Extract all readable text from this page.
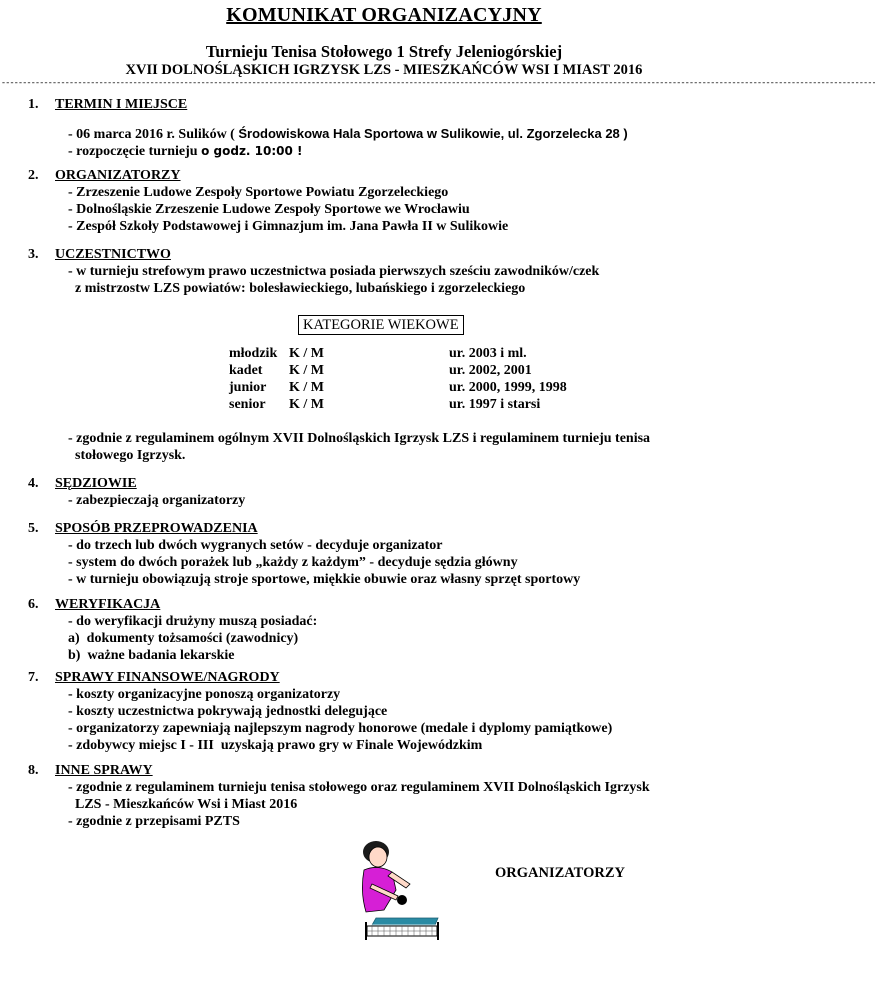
KOMUNIKAT ORGANIZACYJNY
Turnieju Tenisa Stołowego 1 Strefy Jeleniogórskiej
XVII DOLNOŚLĄSKICH IGRZYSK LZS - MIESZKAŃCÓW WSI I MIAST 2016
- - - - - - - - - - - - - - - - - - - - - - - - - - - - - - - - - - - - - - - - - - - - - - - - - - - - - - - - - - - - - - - - - - - - - - - - - - - - - - - - - - - - - - - - - - - - - - - - - - - - - - - - - - - - - - - - - - - - - - - - - - - - - - - - - - - - - - - - - - - - - - - - - - - - - - - - - - - - - - - - - - - - - - - - - - - - - - - - - - - - - - - - - - - - - - - - - - - - - - - - - - - - - -
1. TERMIN I MIEJSCE
- 06 marca 2016 r. Sulików ( Środowiskowa Hala Sportowa w Sulikowie, ul. Zgorzelecka 28 )
- rozpoczęcie turnieju o godz. 10:00 !
2. ORGANIZATORZY
- Zrzeszenie Ludowe Zespoły Sportowe Powiatu Zgorzeleckiego
- Dolnośląskie Zrzeszenie Ludowe Zespoły Sportowe we Wrocławiu
- Zespół Szkoły Podstawowej i Gimnazjum im. Jana Pawła II w Sulikowie
3. UCZESTNICTWO
- w turnieju strefowym prawo uczestnictwa posiada pierwszych sześciu zawodników/czek
z mistrzostw LZS powiatów: bolesławieckiego, lubańskiego i zgorzeleckiego
KATEGORIE WIEKOWE
młodzik K / M	ur. 2003 i ml.
kadet K / M	ur. 2002, 2001
junior K / M	ur. 2000, 1999, 1998
senior K / M	ur. 1997 i starsi
- zgodnie z regulaminem ogólnym XVII Dolnośląskich Igrzysk LZS i regulaminem turnieju tenisa
stołowego Igrzysk.
4. SĘDZIOWIE
- zabezpieczają organizatorzy
5. SPOSÓB PRZEPROWADZENIA
- do trzech lub dwóch wygranych setów - decyduje organizator
- system do dwóch porażek lub „każdy z każdym” - decyduje sędzia główny
- w turnieju obowiązują stroje sportowe, miękkie obuwie oraz własny sprzęt sportowy
6. WERYFIKACJA
- do weryfikacji drużyny muszą posiadać:
a)  dokumenty tożsamości (zawodnicy)
b)  ważne badania lekarskie
7. SPRAWY FINANSOWE/NAGRODY
- koszty organizacyjne ponoszą organizatorzy
- koszty uczestnictwa pokrywają jednostki delegujące
- organizatorzy zapewniają najlepszym nagrody honorowe (medale i dyplomy pamiątkowe)
- zdobywcy miejsc I - III  uzyskają prawo gry w Finale Wojewódzkim
8. INNE SPRAWY
- zgodnie z regulaminem turnieju tenisa stołowego oraz regulaminem XVII Dolnośląskich Igrzysk
LZS - Mieszkańców Wsi i Miast 2016
- zgodnie z przepisami PZTS
ORGANIZATORZY
